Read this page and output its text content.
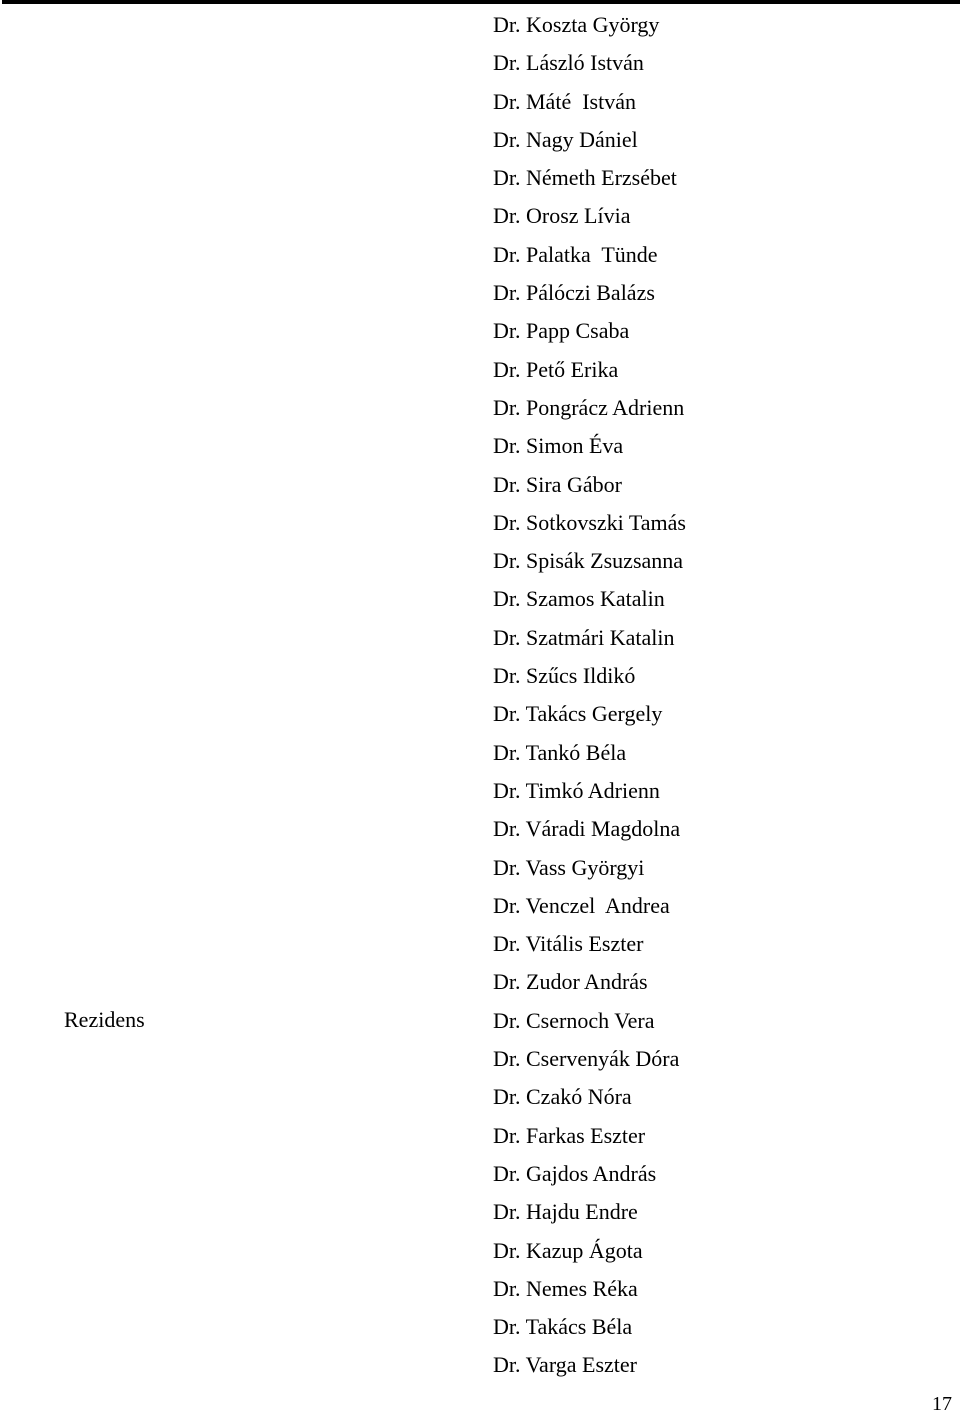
Rezidens
Dr. Koszta György
Dr. László István
Dr. Máté  István
Dr. Nagy Dániel
Dr. Németh Erzsébet
Dr. Orosz Lívia
Dr. Palatka  Tünde
Dr. Pálóczi Balázs
Dr. Papp Csaba
Dr. Pető Erika
Dr. Pongrácz Adrienn
Dr. Simon Éva
Dr. Sira Gábor
Dr. Sotkovszki Tamás
Dr. Spisák Zsuzsanna
Dr. Szamos Katalin
Dr. Szatmári Katalin
Dr. Szűcs Ildikó
Dr. Takács Gergely
Dr. Tankó Béla
Dr. Timkó Adrienn
Dr. Váradi Magdolna
Dr. Vass Györgyi
Dr. Venczel  Andrea
Dr. Vitális Eszter
Dr. Zudor András
Dr. Csernoch Vera
Dr. Cservenyák Dóra
Dr. Czakó Nóra
Dr. Farkas Eszter
Dr. Gajdos András
Dr. Hajdu Endre
Dr. Kazup Ágota
Dr. Nemes Réka
Dr. Takács Béla
Dr. Varga Eszter
17
